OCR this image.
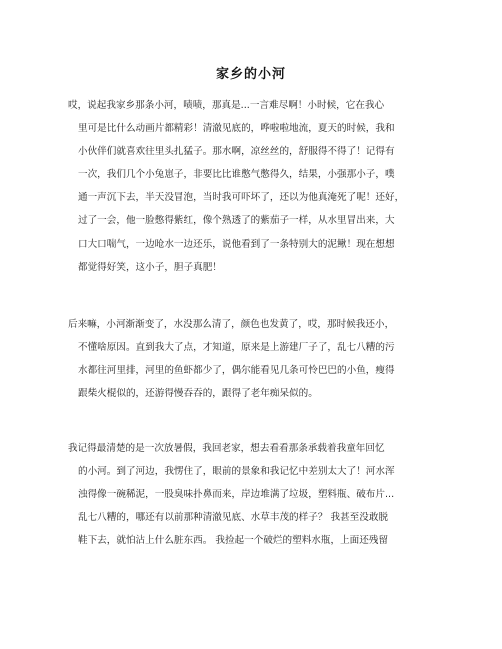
家乡的小河
哎，说起我家乡那条小河，啧啧，那真是...一言难尽啊！小时候，它在我心
里可是比什么动画片都精彩！清澈见底的，哗啦啦地流，夏天的时候，我和
小伙伴们就喜欢往里头扎猛子。那水啊，凉丝丝的，舒服得不得了！记得有
一次，我们几个小兔崽子，非要比比谁憋气憋得久，结果，小强那小子，噗
通一声沉下去，半天没冒泡，当时我可吓坏了，还以为他真淹死了呢！还好，
过了一会，他一脸憋得紫红，像个熟透了的紫茄子一样，从水里冒出来，大
口大口喘气，一边呛水一边还乐，说他看到了一条特别大的泥鳅！现在想想
都觉得好笑，这小子，胆子真肥！
后来嘛，小河渐渐变了，水没那么清了，颜色也发黄了，哎，那时候我还小，
不懂啥原因。直到我大了点，才知道，原来是上游建厂子了，乱七八糟的污
水都往河里排，河里的鱼虾都少了，偶尔能看见几条可怜巴巴的小鱼，瘦得
跟柴火棍似的，还游得慢吞吞的，跟得了老年痴呆似的。
我记得最清楚的是一次放暑假，我回老家，想去看看那条承载着我童年回忆
的小河。到了河边，我愣住了，眼前的景象和我记忆中差别太大了！河水浑
浊得像一碗稀泥，一股臭味扑鼻而来，岸边堆满了垃圾，塑料瓶、破布片...
乱七八糟的，哪还有以前那种清澈见底、水草丰茂的样子？ 我甚至没敢脱
鞋下去，就怕沾上什么脏东西。 我捡起一个破烂的塑料水瓶，上面还残留
